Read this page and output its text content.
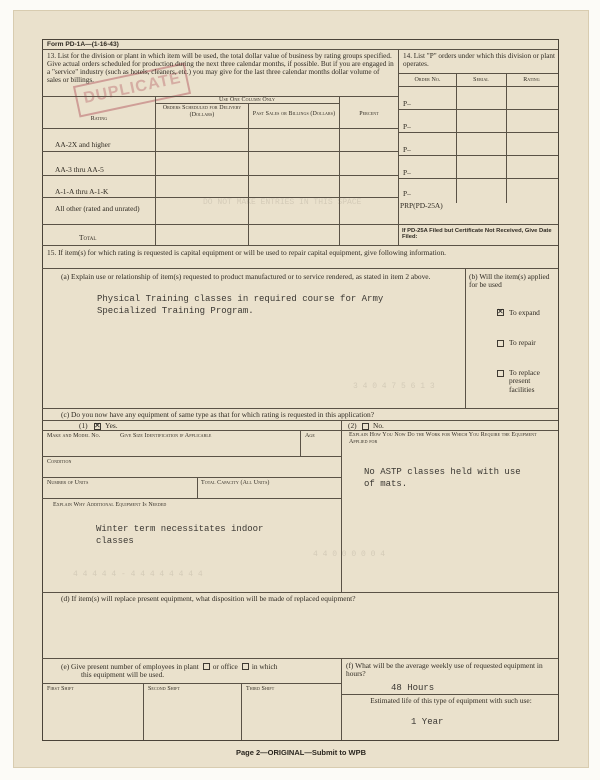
DO NOT MAKE ENTRIES IN THIS SPACE
3 4 0 4 7 5 6 1 3
4 4 0 0 0 0 0 4
4 4 4 4 4 - 4 4 4 4 4 4 4 4
DUPLICATE
Form PD-1A—(1-16-43)
13. List for the division or plant in which item will be used, the total dollar value of business by rating groups specified. Give actual orders scheduled for production during the next three calendar months, if possible. But if you are engaged in a "service" industry (such as hotels, cleaners, etc.) you may give for the last three calendar months dollar volume of sales or billings.
14. List "P" orders under which this division or plant operates.
Order No.	Serial	Rating
P–
P–
P–
P–
P–
PRP(PD-25A)
If PD-25A Filed but Certificate Not Received, Give Date Filed:
Use One Column Only
Rating
Orders Scheduled for Delivery (Dollars)	Past Sales or Billings (Dollars)	Percent
AA-2X and higher
AA-3 thru AA-5
A-1-A thru A-1-K
All other (rated and unrated)
Total
15. If item(s) for which rating is requested is capital equipment or will be used to repair capital equipment, give following information.
(a) Explain use or relationship of item(s) requested to product manufactured or to service rendered, as stated in item 2 above.
Physical Training classes in required course for Army
Specialized Training Program.
(b) Will the item(s) applied for be used
✕
To expand
To repair
To replace present facilities
(c) Do you now have any equipment of same type as that for which rating is requested in this application?
(1)
✕ Yes.	(2) No.
Make and Model No.	Give Size Identification if Applicable	Age	Explain How You Now Do the Work for Which You Require the Equipment Applied for
No ASTP classes held with use
of mats.
Condition
Number of Units	Total Capacity (All Units)
Explain Why Additional Equipment Is Needed
Winter term necessitates indoor
classes
(d) If item(s) will replace present equipment, what disposition will be made of replaced equipment?
(e) Give present number of employees in plant or office in which
this equipment will be used.
First Shift	Second Shift	Third Shift
(f) What will be the average weekly use of requested equipment in hours?
48 Hours
Estimated life of this type of equipment with such use:
1 Year
Page 2—ORIGINAL—Submit to WPB
